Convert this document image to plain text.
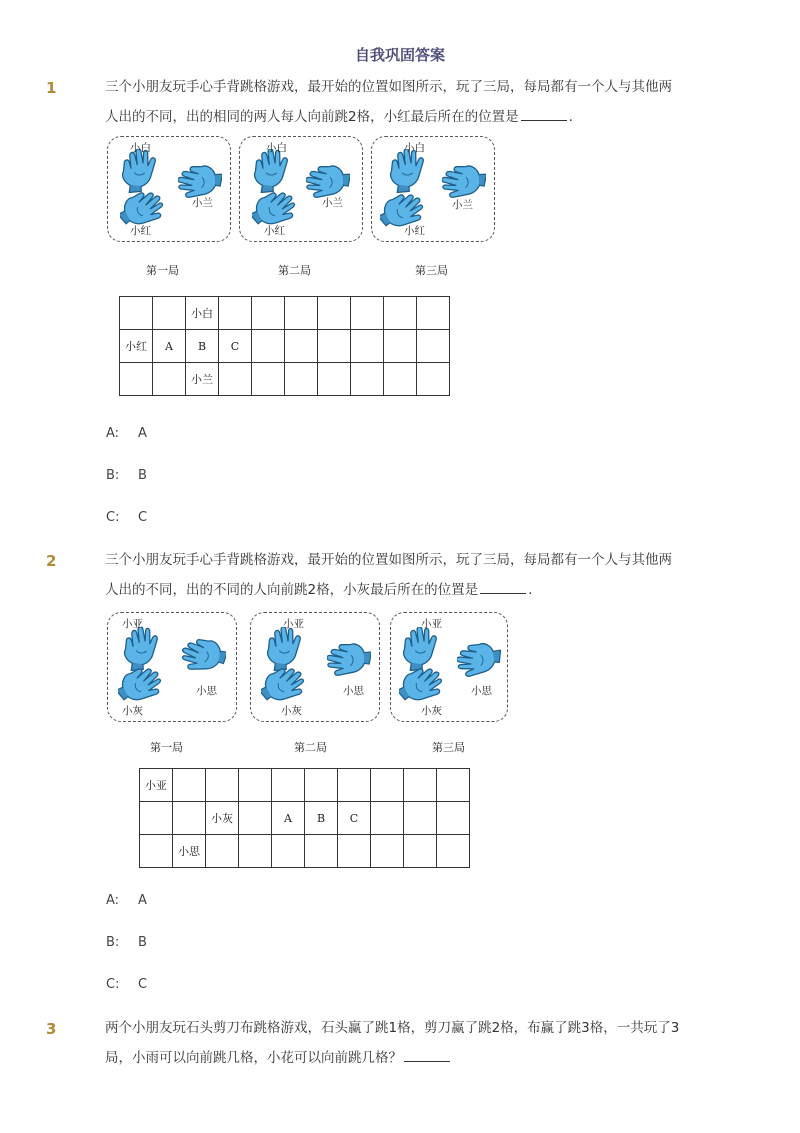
自我巩固答案
1	三个小朋友玩手心手背跳格游戏，最开始的位置如图所示，玩了三局，每局都有一个人与其他两
人出的不同，出的相同的两人每人向前跳2格，小红最后所在的位置是	.
小白
小兰
小红
小白
小兰
小红
小白
小兰
小红
第一局	第二局	第三局
		小白							
小红	A	B	C						
		小兰							
A: A
B: B
C: C
2	三个小朋友玩手心手背跳格游戏，最开始的位置如图所示，玩了三局，每局都有一个人与其他两
人出的不同，出的不同的人向前跳2格，小灰最后所在的位置是	.
小亚
小思
小灰
小亚
小思
小灰
小亚
小思
小灰
第一局	第二局	第三局
小亚									
		小灰		A	B	C			
	小思								
A: A
B: B
C: C
3	两个小朋友玩石头剪刀布跳格游戏，石头赢了跳1格，剪刀赢了跳2格，布赢了跳3格，一共玩了3
局，小雨可以向前跳几格，小花可以向前跳几格？
